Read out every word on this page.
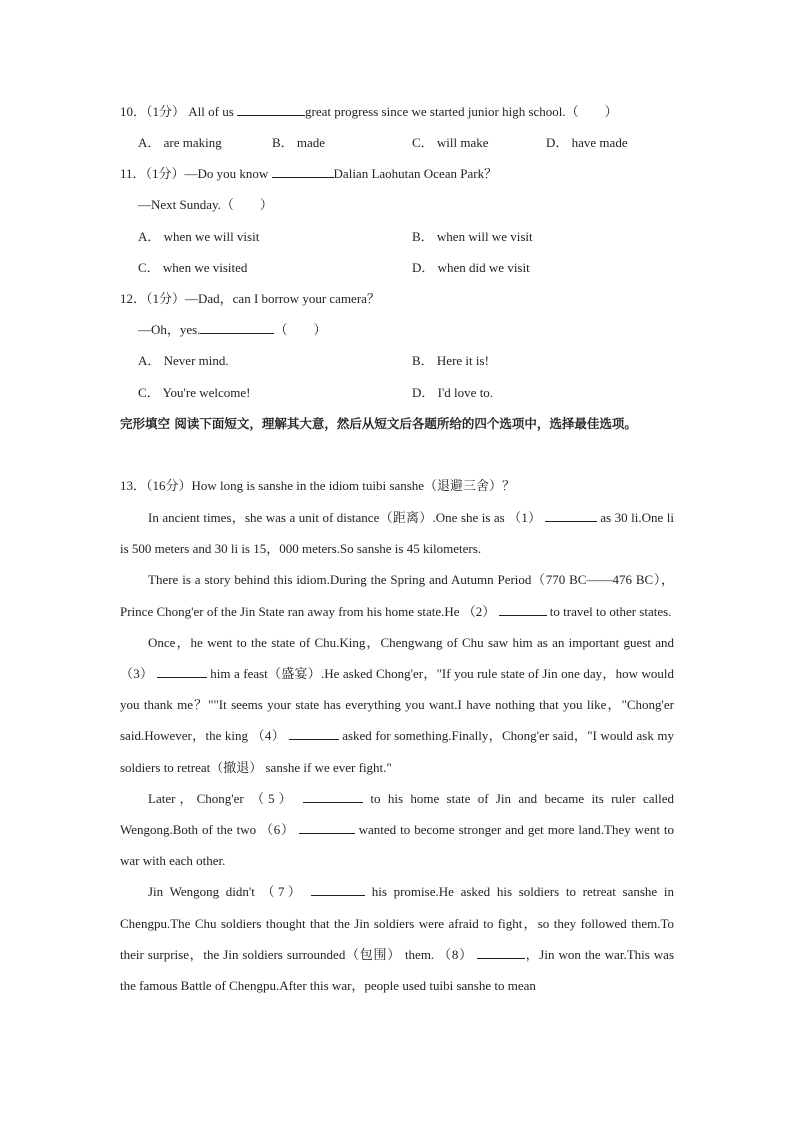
10．（1分） All of us	great progress since we started junior high school.（　　）
A． are making	B． made	C． will make	D． have made
11．（1分）—Do you know	Dalian Laohutan Ocean Park？
—Next Sunday.（　　）
A． when we will visit	B． when will we visit
C． when we visited	D． when did we visit
12．（1分）—Dad，can I borrow your camera？
—Oh，yes.	（　　）
A． Never mind.	B． Here it is!
C． You're welcome!	D． I'd love to.
完形填空 阅读下面短文，理解其大意，然后从短文后各题所给的四个选项中，选择最佳选项。
13．（16分）How long is sanshe in the idiom tuibi sanshe（退避三舍）？

In ancient times，she was a unit of distance（距离）.One she is as （1）	as 30 li.One li is 500 meters and 30 li is 15，000 meters.So sanshe is 45 kilometers.

There is a story behind this idiom.During the Spring and Autumn Period（770 BC——476 BC），Prince Chong'er of the Jin State ran away from his home state.He （2）	to travel to other states.

Once，he went to the state of Chu.King，Chengwang of Chu saw him as an important guest and （3）	him a feast（盛宴）.He asked Chong'er，"If you rule state of Jin one day，how would you thank me？""It seems your state has everything you want.I have nothing that you like，"Chong'er said.However，the king （4）	asked for something.Finally，Chong'er said，"I would ask my soldiers to retreat（撤退） sanshe if we ever fight."

Later，Chong'er （5）	to his home state of Jin and became its ruler called Wengong.Both of the two （6）	wanted to become stronger and get more land.They went to war with each other.

Jin Wengong didn't （7）	his promise.He asked his soldiers to retreat sanshe in Chengpu.The Chu soldiers thought that the Jin soldiers were afraid to fight，so they followed them.To their surprise，the Jin soldiers surrounded（包围） them. （8）	，Jin won the war.This was the famous Battle of Chengpu.After this war，people used tuibi sanshe to mean
